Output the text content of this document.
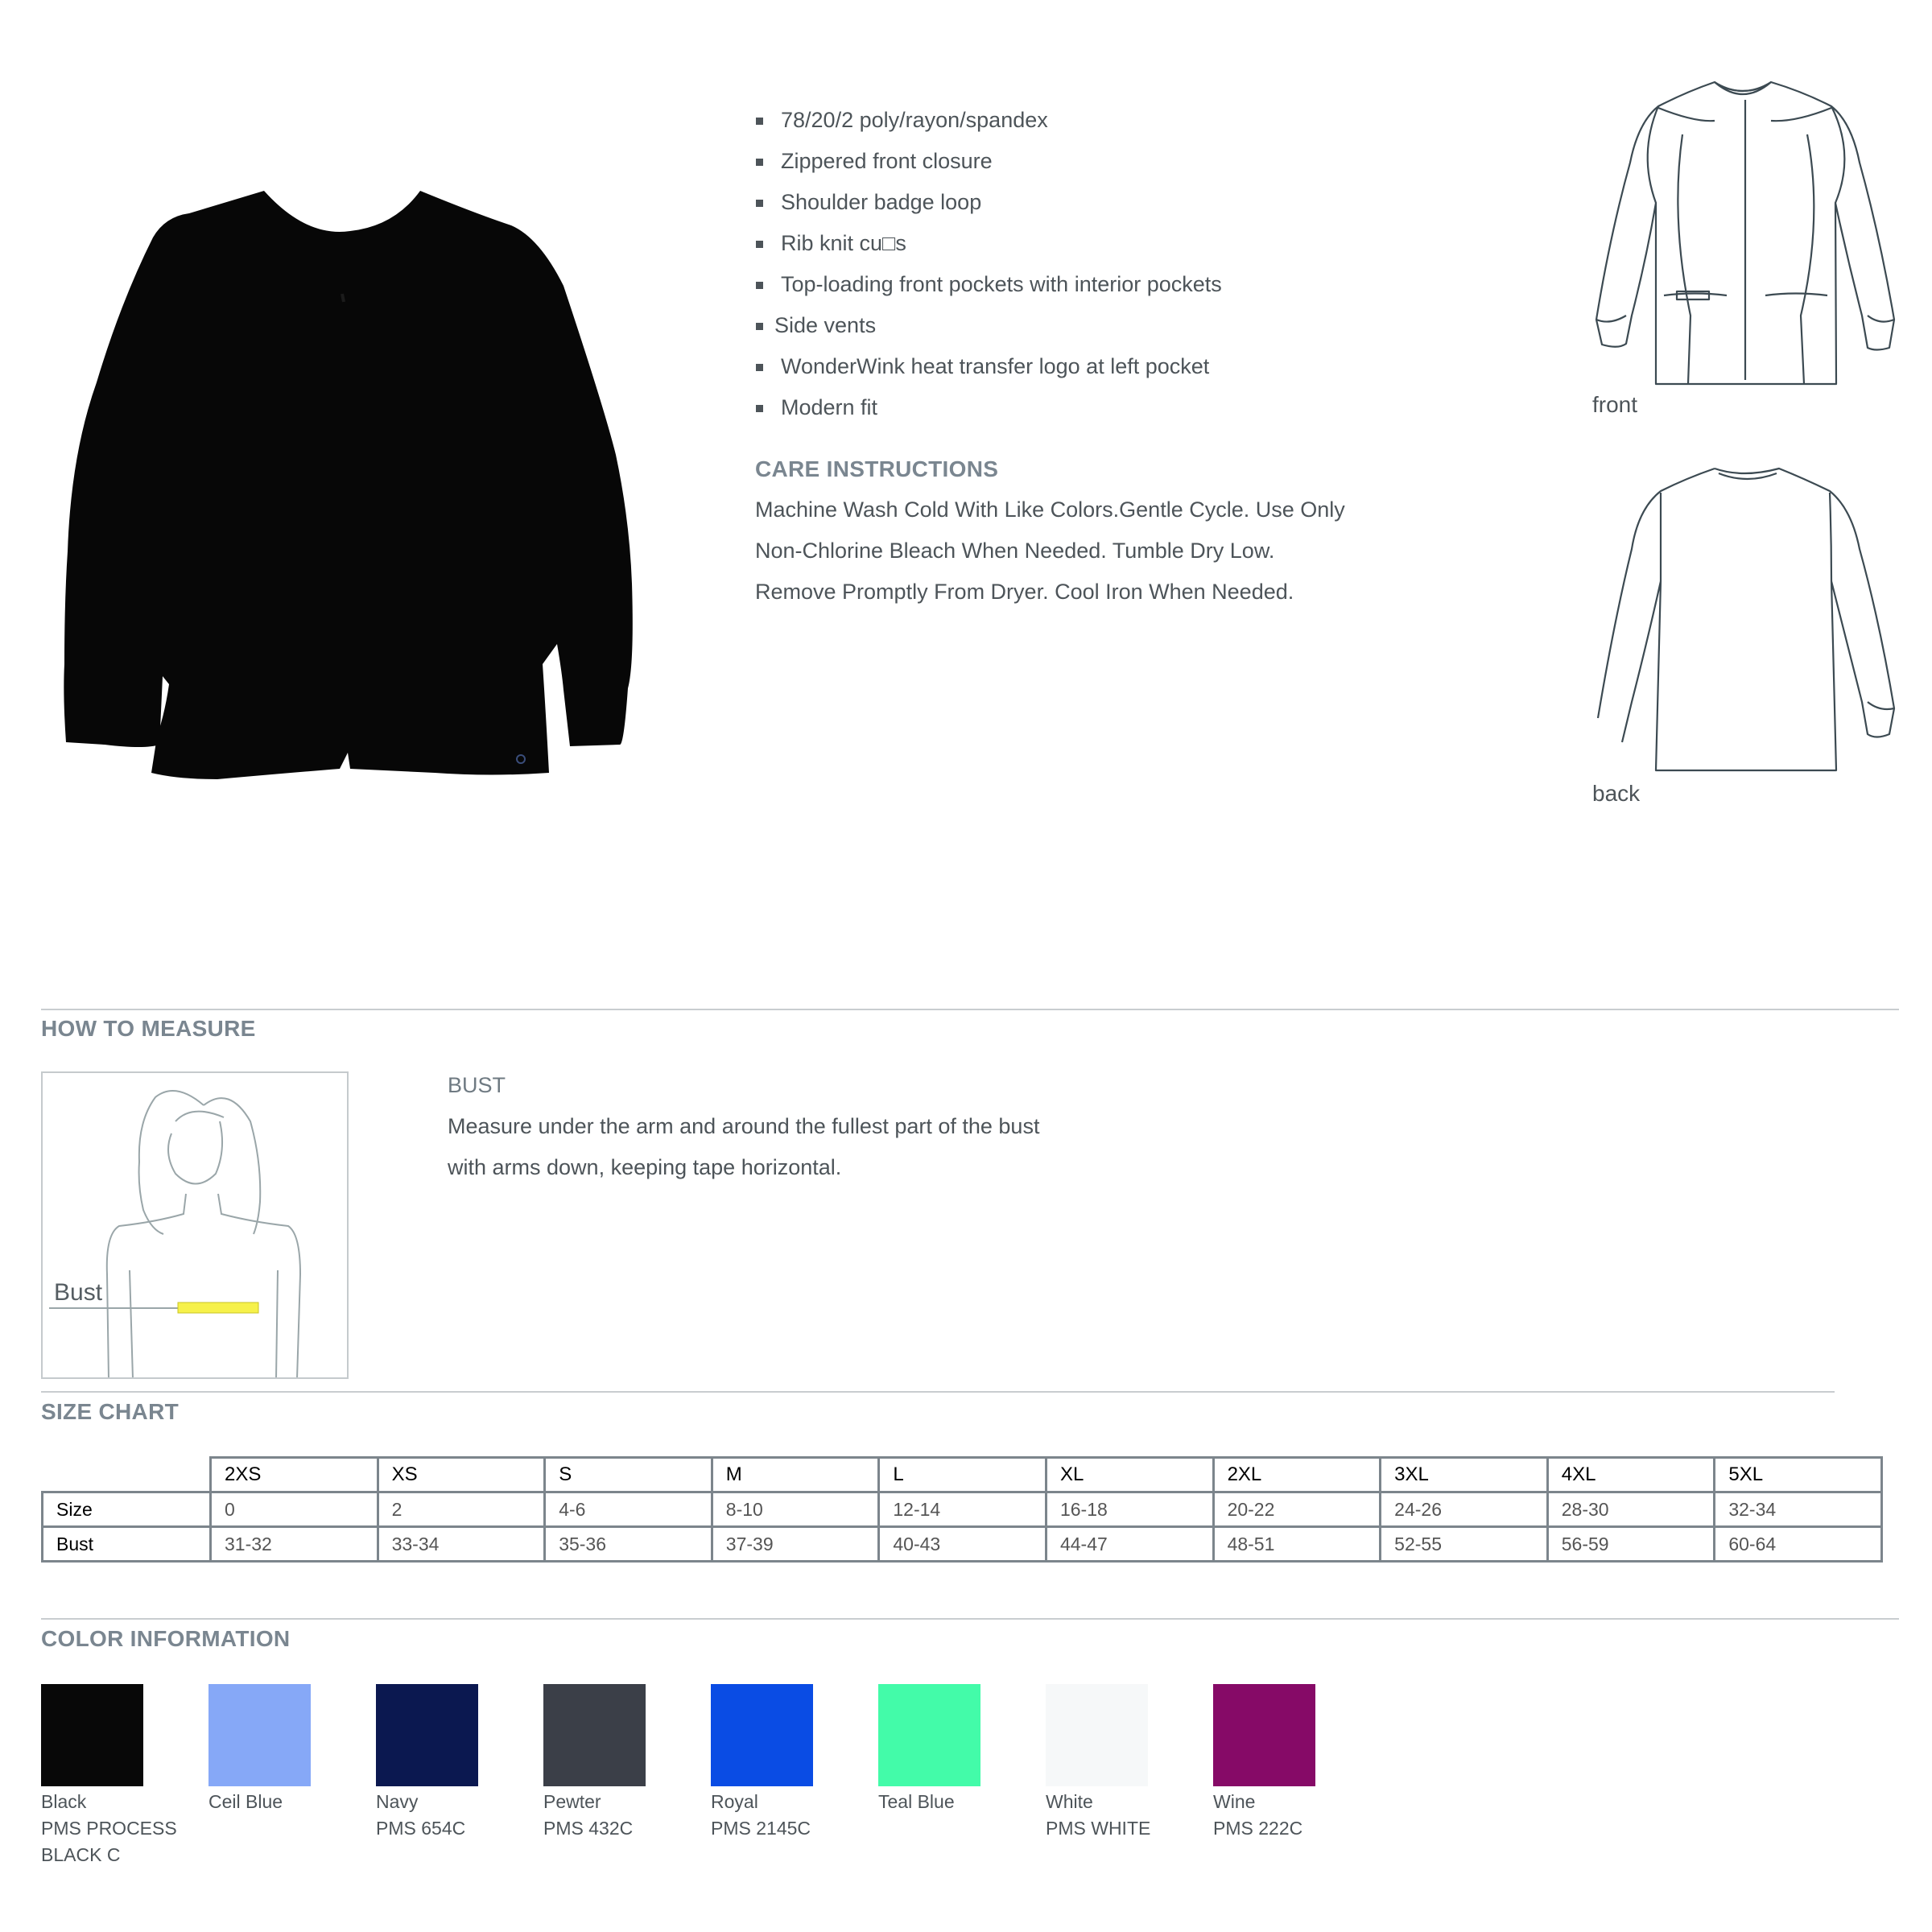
78/20/2 poly/rayon/spandex
Zippered front closure
Shoulder badge loop
Rib knit cu□s
Top-loading front pockets with interior pockets
Side vents
WonderWink heat transfer logo at left pocket
Modern fit
CARE INSTRUCTIONS
Machine Wash Cold With Like Colors.Gentle Cycle. Use Only
Non-Chlorine Bleach When Needed. Tumble Dry Low.
Remove Promptly From Dryer. Cool Iron When Needed.
front
back
HOW TO MEASURE
Bust
BUST
Measure under the arm and around the fullest part of the bust
with arms down, keeping tape horizontal.
SIZE CHART
	2XS	XS	S	M	L	XL	2XL	3XL	4XL	5XL
Size	0	2	4-6	8-10	12-14	16-18	20-22	24-26	28-30	32-34
Bust	31-32	33-34	35-36	37-39	40-43	44-47	48-51	52-55	56-59	60-64
COLOR INFORMATION
Black
PMS PROCESS
BLACK C
Ceil Blue	Navy
PMS 654C
Pewter
PMS 432C
Royal
PMS 2145C
Teal Blue	White
PMS WHITE
Wine
PMS 222C
